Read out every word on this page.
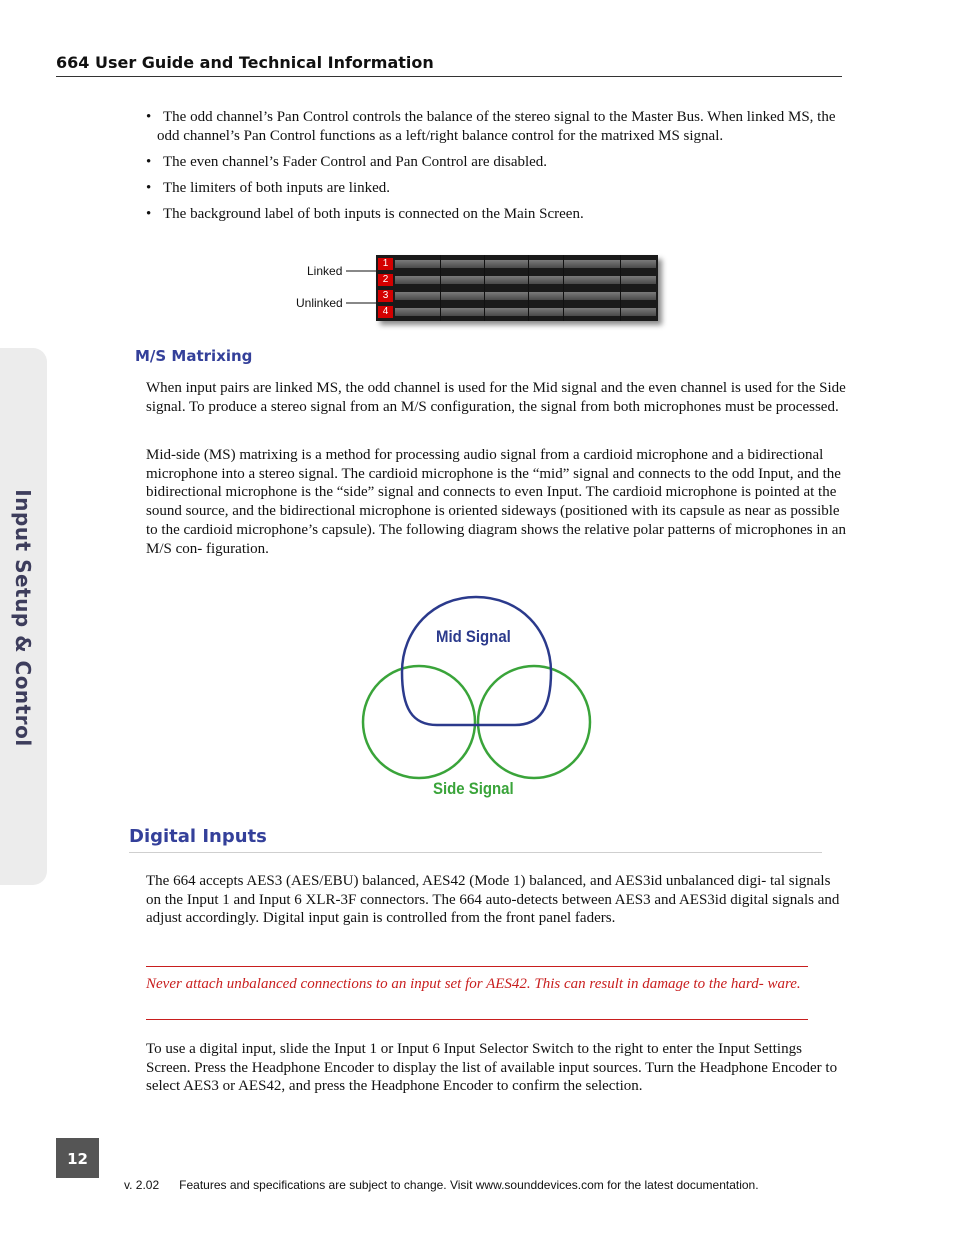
Input Setup & Control
664 User Guide and Technical Information
• The odd channel’s Pan Control controls the balance of the stereo signal to the Master Bus. When linked MS, the odd channel’s Pan Control functions as a left/right balance control for the matrixed MS signal.
• The even channel’s Fader Control and Pan Control are disabled.
• The limiters of both inputs are linked.
• The background label of both inputs is connected on the Main Screen.
Linked
Unlinked
1
2
3
4
M/S Matrixing

When input pairs are linked MS, the odd channel is used for the Mid signal and the even channel is used for the Side signal. To produce a stereo signal from an M/S configuration, the signal from both microphones must be processed.

Mid-side (MS) matrixing is a method for processing audio signal from a cardioid microphone and a bidirectional microphone into a stereo signal. The cardioid microphone is the “mid” signal and connects to the odd Input, and the bidirectional microphone is the “side” signal and connects to even Input. The cardioid microphone is pointed at the sound source, and the bidirectional microphone is oriented sideways (positioned with its capsule as near as possible to the cardioid microphone’s capsule). The following diagram shows the relative polar patterns of microphones in an M/S con- figuration.

Mid Signal
Side Signal
Digital Inputs

The 664 accepts AES3 (AES/EBU) balanced, AES42 (Mode 1) balanced, and AES3id unbalanced digi- tal signals on the Input 1 and Input 6 XLR-3F connectors. The 664 auto-detects between AES3 and AES3id digital signals and adjust accordingly. Digital input gain is controlled from the front panel faders.

Never attach unbalanced connections to an input set for AES42. This can result in damage to the hard- ware.

To use a digital input, slide the Input 1 or Input 6 Input Selector Switch to the right to enter the Input Settings Screen. Press the Headphone Encoder to display the list of available input sources. Turn the Headphone Encoder to select AES3 or AES42, and press the Headphone Encoder to confirm the selection.

12
v. 2.02      Features and specifications are subject to change. Visit www.sounddevices.com for the latest documentation.
